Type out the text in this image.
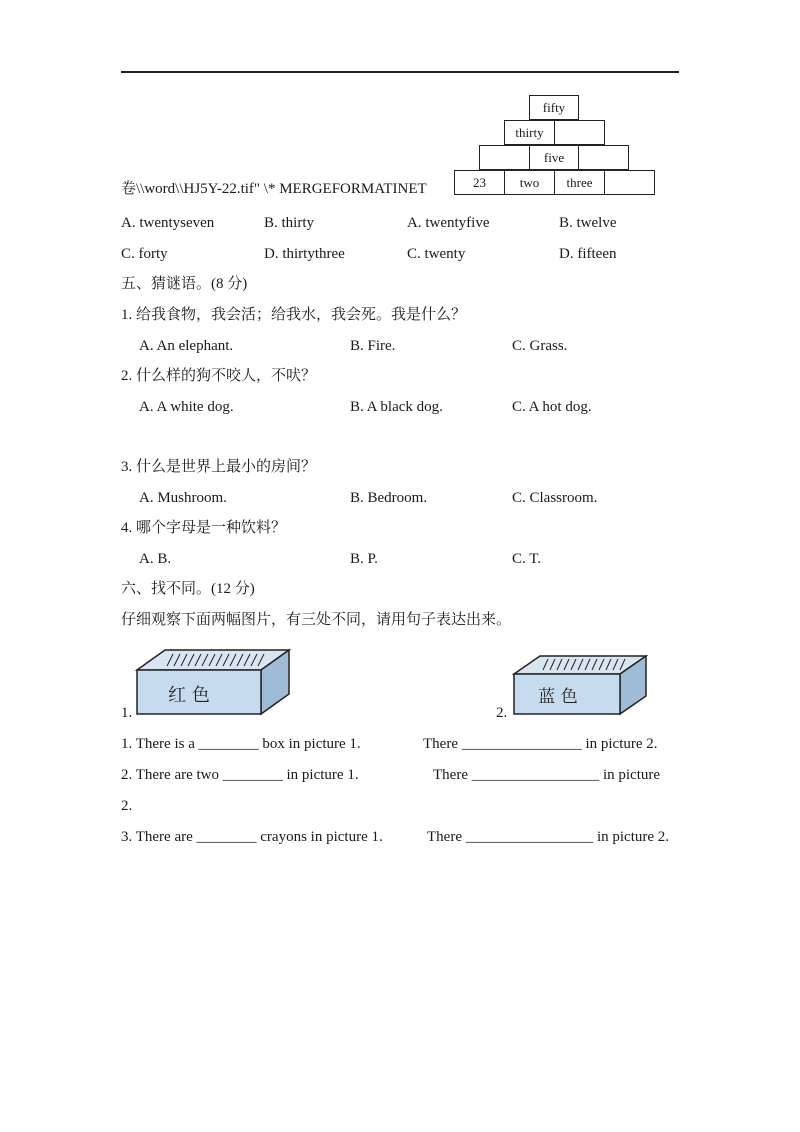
fifty
thirty
five
23	two	three
卷\\word\\HJ5Y-22.tif" \* MERGEFORMATINET
A. twentyseven	B. thirty	A. twentyfive	B. twelve
C. forty	D. thirtythree	C. twenty	D. fifteen
五、猜谜语。(8 分)
1. 给我食物，我会活；给我水，我会死。我是什么？
A. An elephant.	B. Fire.	C. Grass.
2. 什么样的狗不咬人，不吠？
A. A white dog.	B. A black dog.	C. A hot dog.
3. 什么是世界上最小的房间？
A. Mushroom.	B. Bedroom.	C. Classroom.
4. 哪个字母是一种饮料？
A. B.	B. P.	C. T.
六、找不同。(12 分)
仔细观察下面两幅图片，有三处不同，请用句子表达出来。
1.
红 色
2.
蓝 色
1. There is a ________ box in picture 1.	There ________________ in picture 2.
2. There are two ________ in picture 1.	There _________________ in picture
2.
3. There are ________ crayons in picture 1.	There _________________ in picture 2.
